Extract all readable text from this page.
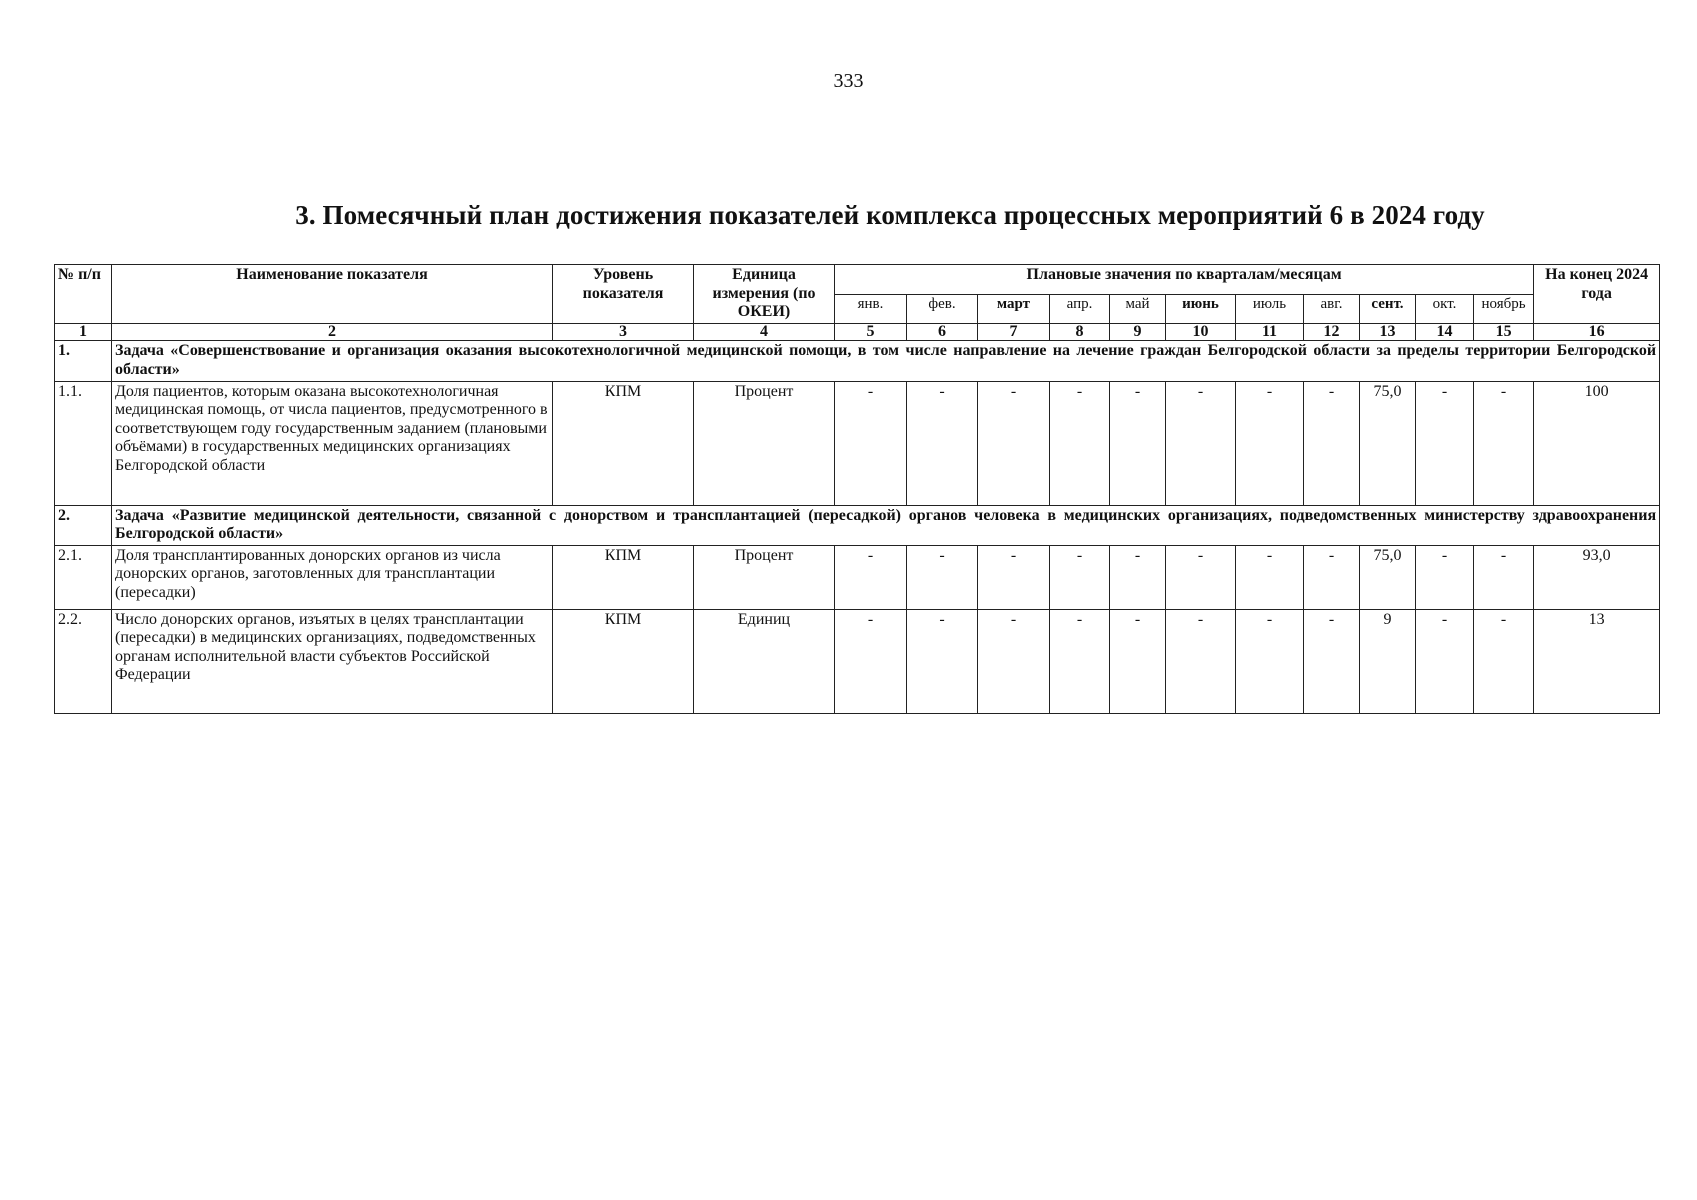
333
3. Помесячный план достижения показателей комплекса процессных мероприятий 6 в 2024 году
№ п/п	Наименование показателя	Уровень показателя	Единица измерения (по ОКЕИ)	Плановые значения по кварталам/месяцам											На конец 2024 года
				янв.	фев.	март	апр.	май	июнь	июль	авг.	сент.	окт.	ноябрь	
1	2	3	4	5	6	7	8	9	10	11	12	13	14	15	16
1.	Задача «Совершенствование и организация оказания высокотехнологичной медицинской помощи, в том числе направление на лечение граждан Белгородской области за пределы территории Белгородской области»														
1.1.	Доля пациентов, которым оказана высокотехнологичная медицинская помощь, от числа пациентов, предусмотренного в соответствующем году государственным заданием (плановыми объёмами) в государственных медицинских организациях Белгородской области	КПМ	Процент	-	-	-	-	-	-	-	-	75,0	-	-	100
2.	Задача «Развитие медицинской деятельности, связанной с донорством и трансплантацией (пересадкой) органов человека в медицинских организациях, подведомственных министерству здравоохранения Белгородской области»														
2.1.	Доля трансплантированных донорских органов из числа донорских органов, заготовленных для трансплантации (пересадки)	КПМ	Процент	-	-	-	-	-	-	-	-	75,0	-	-	93,0
2.2.	Число донорских органов, изъятых в целях трансплантации (пересадки) в медицинских организациях, подведомственных органам исполнительной власти субъектов Российской Федерации	КПМ	Единиц	-	-	-	-	-	-	-	-	9	-	-	13
